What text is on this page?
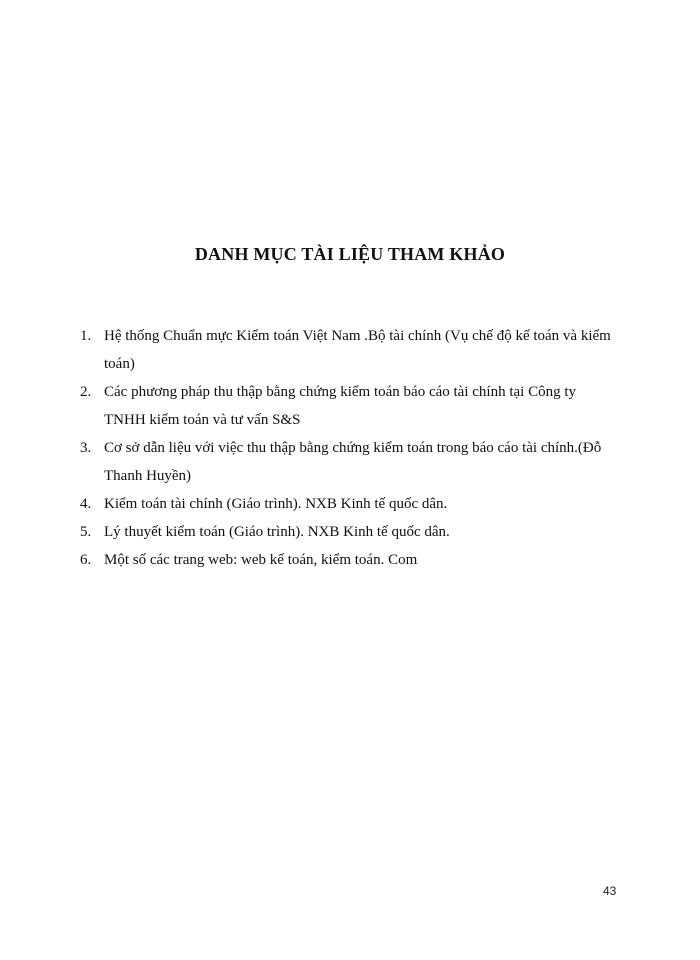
DANH MỤC TÀI LIỆU THAM KHẢO
1. Hệ thống Chuẩn mực Kiểm toán Việt Nam .Bộ tài chính (Vụ chế độ kế toán và kiểm toán)
2. Các phương pháp thu thập bằng chứng kiểm toán báo cáo tài chính tại Công ty TNHH kiểm toán và tư vấn S&S
3. Cơ sở dẫn liệu với việc thu thập bằng chứng kiểm toán trong báo cáo tài chính.(Đỗ Thanh Huyền)
4. Kiểm toán tài chính (Giáo trình). NXB Kinh tế quốc dân.
5. Lý thuyết kiểm toán (Giáo trình). NXB Kinh tế quốc dân.
6. Một số các trang web: web kế toán, kiểm toán. Com
43
